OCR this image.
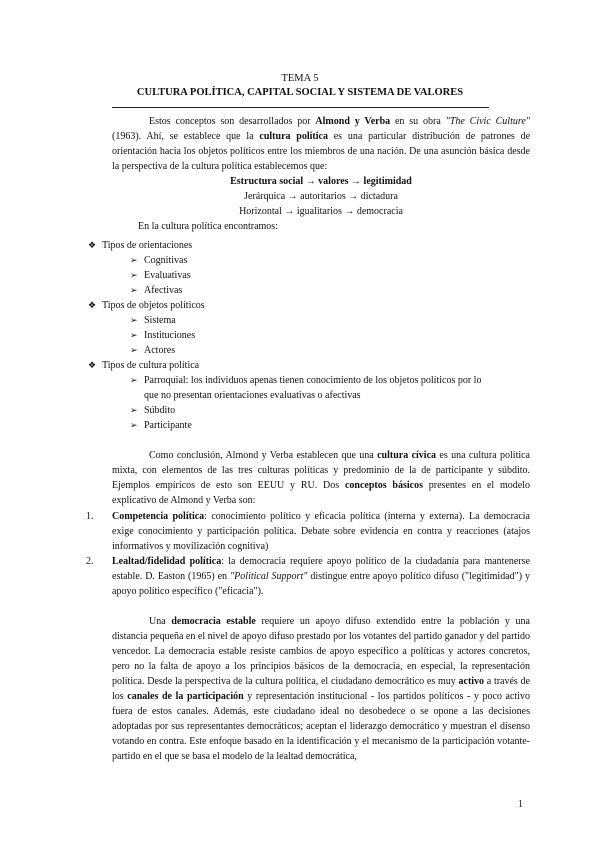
TEMA 5
CULTURA POLÍTICA, CAPITAL SOCIAL Y SISTEMA DE VALORES

Estos conceptos son desarrollados por Almond y Verba en su obra "The Civic Culture" (1963). Ahí, se establece que la cultura política es una particular distribución de patrones de orientación hacia los objetos políticos entre los miembros de una nación. De una asunción básica desde la perspectiva de la cultura política establecemos que:

Estructura social → valores → legitimidad

Jerárquica → autoritarios → dictadura

Horizontal → igualitarios → democracia

En la cultura política encontramos:

❖ Tipos de orientaciones
➢ Cognitivas
➢ Evaluativas
➢ Afectivas
❖ Tipos de objetos políticos
➢ Sistema
➢ Instituciones
➢ Actores
❖ Tipos de cultura política
➢ Parroquial: los individuos apenas tienen conocimiento de los objetos políticos por lo
que no presentan orientaciones evaluativas o afectivas
➢ Súbdito
➢ Participante

Como conclusión, Almond y Verba establecen que una cultura cívica es una cultura política mixta, con elementos de las tres culturas políticas y predominio de la de participante y súbdito. Ejemplos empíricos de esto son EEUU y RU. Dos conceptos básicos presentes en el modelo explicativo de Almond y Verba son:

1. Competencia política: conocimiento político y eficacia política (interna y externa). La democracia exige conocimiento y participación política. Debate sobre evidencia en contra y reacciones (atajos informativos y movilización cognitiva)

2. Lealtad/fidelidad política: la democracia requiere apoyo político de la ciudadanía para mantenerse estable. D. Easton (1965) en "Political Support" distingue entre apoyo político difuso ("legitimidad") y apoyo político específico ("eficacia").

Una democracia estable requiere un apoyo difuso extendido entre la población y una distancia pequeña en el nivel de apoyo difuso prestado por los votantes del partido ganador y del partido vencedor. La democracia estable resiste cambios de apoyo específico a políticas y actores concretos, pero no la falta de apoyo a los principios básicos de la democracia, en especial, la representación política. Desde la perspectiva de la cultura política, el ciudadano democrático es muy activo a través de los canales de la participación y representación institucional - los partidos políticos - y poco activo fuera de estos canales. Además, este ciudadano ideal no desobedece o se opone a las decisiones adoptadas por sus representantes democráticos; aceptan el liderazgo democrático y muestran el disenso votando en contra. Este enfoque basado en la identificación y el mecanismo de la participación votante-partido en el que se basa el modelo de la lealtad democrática,

1
